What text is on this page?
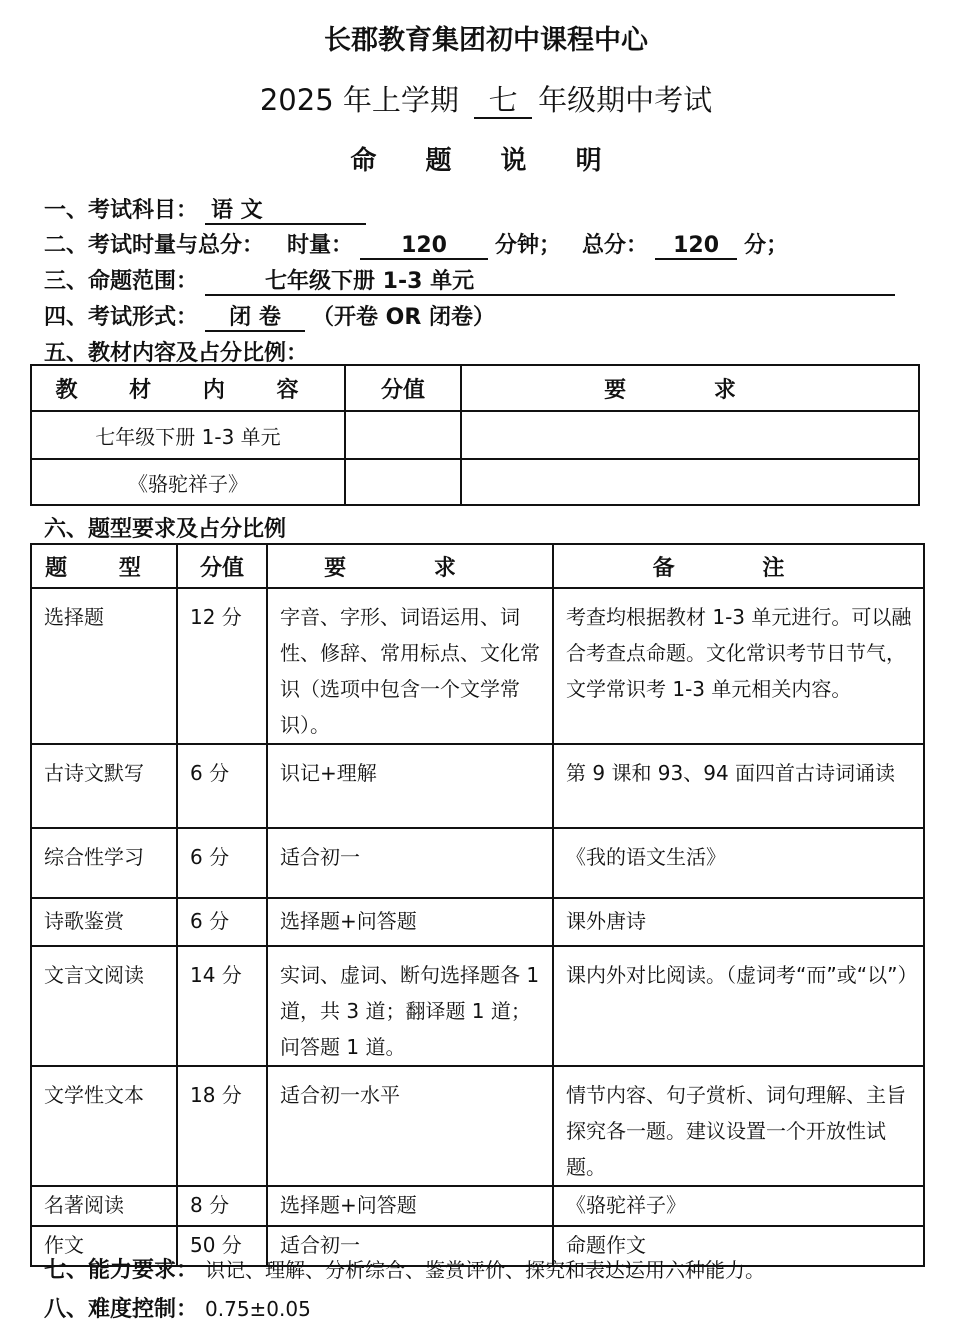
长郡教育集团初中课程中心
2025 年上学期 七 年级期中考试
命 题 说 明
一、考试科目： 语 文
二、考试时量与总分： 时量： 120 分钟； 总分： 120 分；
三、命题范围：	七年级下册 1-3 单元
四、考试形式： 闭 卷 （开卷 OR 闭卷）
五、教材内容及占分比例：
教 材 内 容	分值	要 求
七年级下册 1-3 单元		
《骆驼祥子》		
六、题型要求及占分比例
题 型	分值	要 求	备 注
选择题	12 分	字音、字形、词语运用、词性、修辞、常用标点、文化常识（选项中包含一个文学常识）。	考查均根据教材 1-3 单元进行。可以融合考查点命题。文化常识考节日节气，文学常识考 1-3 单元相关内容。
古诗文默写	6 分	识记+理解	第 9 课和 93、94 面四首古诗词诵读
综合性学习	6 分	适合初一	《我的语文生活》
诗歌鉴赏	6 分	选择题+问答题	课外唐诗
文言文阅读	14 分	实词、虚词、断句选择题各 1 道，共 3 道；翻译题 1 道；问答题 1 道。	课内外对比阅读。（虚词考“而”或“以”）
文学性文本	18 分	适合初一水平	情节内容、句子赏析、词句理解、主旨探究各一题。建议设置一个开放性试题。
名著阅读	8 分	选择题+问答题	《骆驼祥子》
作文	50 分	适合初一	命题作文
七、能力要求： 识记、理解、分析综合、鉴赏评价、探究和表达运用六种能力。
八、难度控制： 0.75±0.05
